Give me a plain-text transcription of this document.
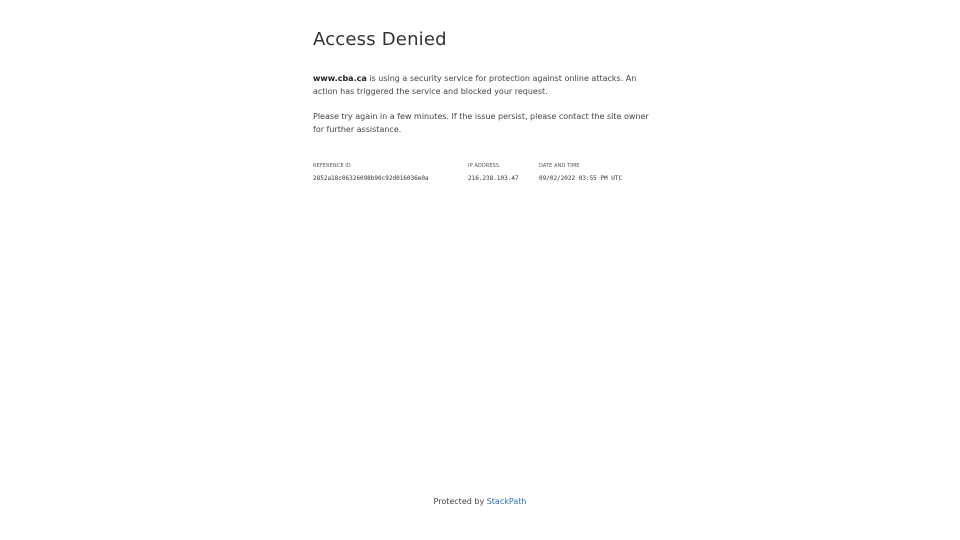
Access Denied

www.cba.ca is using a security service for protection against online attacks. An action has triggered the service and blocked your request.

Please try again in a few minutes. If the issue persist, please contact the site owner for further assistance.

REFERENCE ID
2852a18c06326098b90c92d016036e0a
IP ADDRESS
216.238.103.47
DATE AND TIME
09/02/2022 03:55 PM UTC
Protected by StackPath
